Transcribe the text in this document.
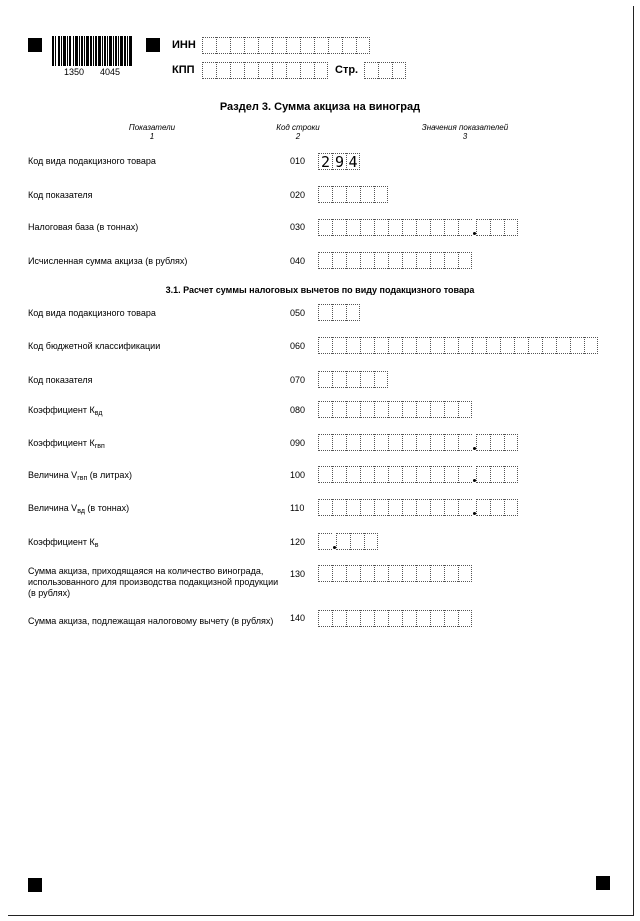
1350 4045
ИНН
КПП	Стр.
Раздел 3. Сумма акциза на виноград
Показатели
1
Код строки
2
Значения показателей
3
Код вида подакцизного товара	010 2 9 4
Код показателя	020
Налоговая база (в тоннах)	030
Исчисленная сумма акциза (в рублях)	040
3.1. Расчет суммы налоговых вычетов по виду подакцизного товара
Код вида подакцизного товара	050
Код бюджетной классификации	060
Код показателя	070
Коэффициент $К_{вд}$	080
Коэффициент $К_{гвп}$	090
Величина $V_{гвп}$ (в литрах)	100
Величина $V_{вд}$ (в тоннах)	110
Коэффициент $К_в$	120
Сумма акциза, приходящаяся на количество винограда,
использованного для производства подакцизной продукции
(в рублях)
130
Сумма акциза, подлежащая налоговому вычету (в рублях) 140
